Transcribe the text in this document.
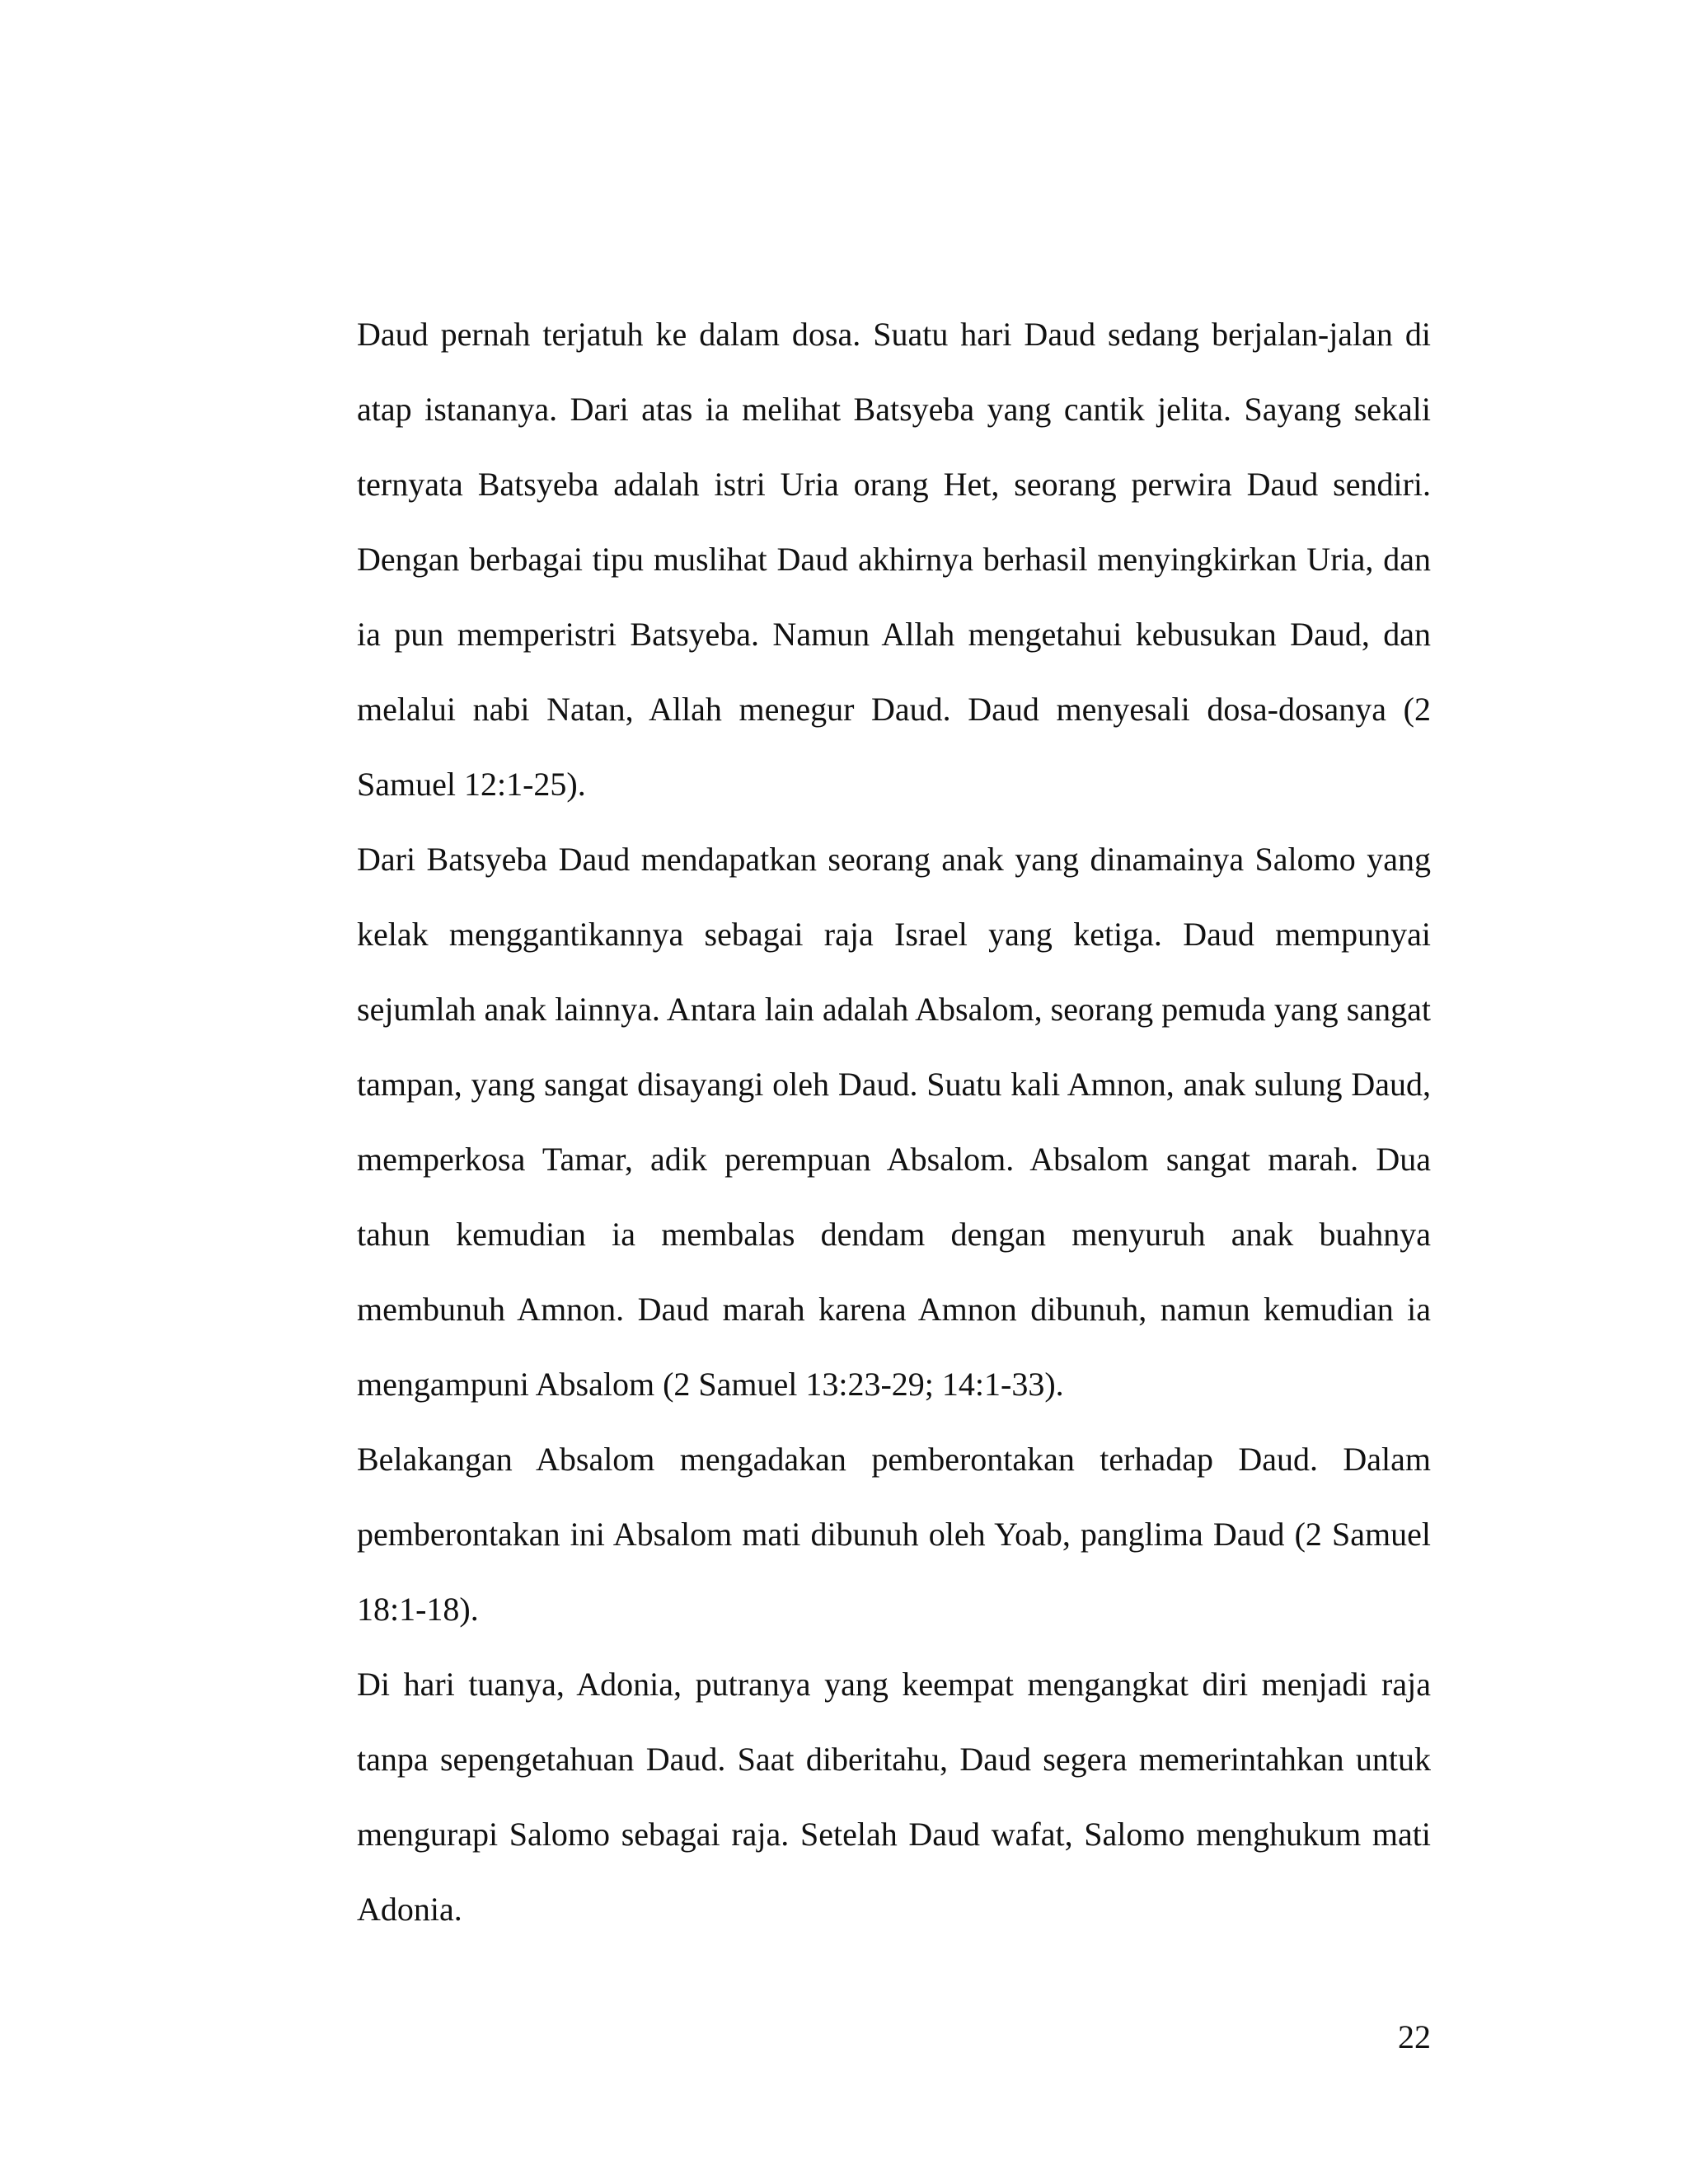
Daud pernah terjatuh ke dalam dosa. Suatu hari Daud sedang berjalan-jalan di atap istananya. Dari atas ia melihat Batsyeba yang cantik jelita. Sayang sekali ternyata Batsyeba adalah istri Uria orang Het, seorang perwira Daud sendiri. Dengan berbagai tipu muslihat Daud akhirnya berhasil menyingkirkan Uria, dan ia pun memperistri Batsyeba. Namun Allah mengetahui kebusukan Daud, dan melalui nabi Natan, Allah menegur Daud. Daud menyesali dosa-dosanya (2 Samuel 12:1-25).

Dari Batsyeba Daud mendapatkan seorang anak yang dinamainya Salomo yang kelak menggantikannya sebagai raja Israel yang ketiga. Daud mempunyai sejumlah anak lainnya. Antara lain adalah Absalom, seorang pemuda yang sangat tampan, yang sangat disayangi oleh Daud. Suatu kali Amnon, anak sulung Daud, memperkosa Tamar, adik perempuan Absalom. Absalom sangat marah. Dua tahun kemudian ia membalas dendam dengan menyuruh anak buahnya membunuh Amnon. Daud marah karena Amnon dibunuh, namun kemudian ia mengampuni Absalom (2 Samuel 13:23-29; 14:1-33).

Belakangan Absalom mengadakan pemberontakan terhadap Daud. Dalam pemberontakan ini Absalom mati dibunuh oleh Yoab, panglima Daud (2 Samuel 18:1-18).

Di hari tuanya, Adonia, putranya yang keempat mengangkat diri menjadi raja tanpa sepengetahuan Daud. Saat diberitahu, Daud segera memerintahkan untuk mengurapi Salomo sebagai raja. Setelah Daud wafat, Salomo menghukum mati Adonia.

22
